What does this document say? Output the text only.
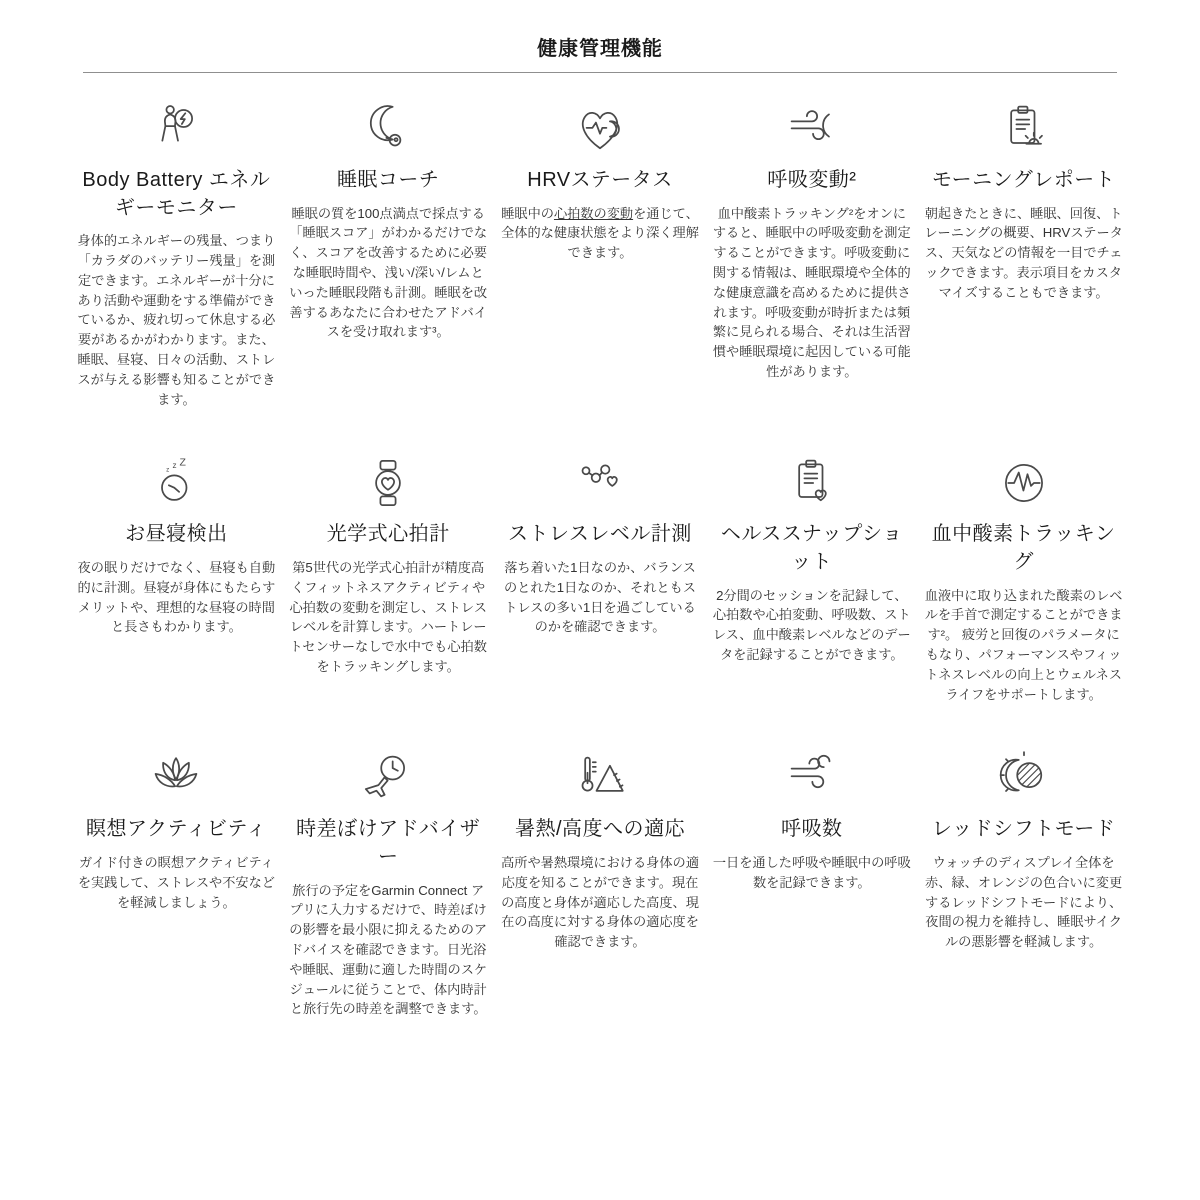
健康管理機能
Body Battery エネルギーモニター

身体的エネルギーの残量、つまり「カラダのバッテリー残量」を測定できます。エネルギーが十分にあり活動や運動をする準備ができているか、疲れ切って休息する必要があるかがわかります。また、睡眠、昼寝、日々の活動、ストレスが与える影響も知ることができます。

睡眠コーチ

睡眠の質を100点満点で採点する「睡眠スコア」がわかるだけでなく、スコアを改善するために必要な睡眠時間や、浅い/深い/レムといった睡眠段階も計測。睡眠を改善するあなたに合わせたアドバイスを受け取れます³。

HRVステータス

睡眠中の心拍数の変動を通じて、全体的な健康状態をより深く理解できます。

呼吸変動²

血中酸素トラッキング²をオンにすると、睡眠中の呼吸変動を測定することができます。呼吸変動に関する情報は、睡眠環境や全体的な健康意識を高めるために提供されます。呼吸変動が時折または頻繁に見られる場合、それは生活習慣や睡眠環境に起因している可能性があります。

モーニングレポート

朝起きたときに、睡眠、回復、トレーニングの概要、HRVステータス、天気などの情報を一目でチェックできます。表示項目をカスタマイズすることもできます。

z z Z
お昼寝検出

夜の眠りだけでなく、昼寝も自動的に計測。昼寝が身体にもたらすメリットや、理想的な昼寝の時間と長さもわかります。

光学式心拍計

第5世代の光学式心拍計が精度高くフィットネスアクティビティや心拍数の変動を測定し、ストレスレベルを計算します。ハートレートセンサーなしで水中でも心拍数をトラッキングします。

ストレスレベル計測

落ち着いた1日なのか、バランスのとれた1日なのか、それともストレスの多い1日を過ごしているのかを確認できます。

ヘルススナップショット

2分間のセッションを記録して、心拍数や心拍変動、呼吸数、ストレス、血中酸素レベルなどのデータを記録することができます。

血中酸素トラッキング

血液中に取り込まれた酸素のレベルを手首で測定することができます²。 疲労と回復のパラメータにもなり、パフォーマンスやフィットネスレベルの向上とウェルネスライフをサポートします。

瞑想アクティビティ

ガイド付きの瞑想アクティビティを実践して、ストレスや不安などを軽減しましょう。

時差ぼけアドバイザー

旅行の予定をGarmin Connect アプリに入力するだけで、時差ぼけの影響を最小限に抑えるためのアドバイスを確認できます。日光浴や睡眠、運動に適した時間のスケジュールに従うことで、体内時計と旅行先の時差を調整できます。

暑熱/高度への適応

高所や暑熱環境における身体の適応度を知ることができます。現在の高度と身体が適応した高度、現在の高度に対する身体の適応度を確認できます。

呼吸数

一日を通した呼吸や睡眠中の呼吸数を記録できます。

レッドシフトモード

ウォッチのディスプレイ全体を赤、緑、オレンジの色合いに変更するレッドシフトモードにより、夜間の視力を維持し、睡眠サイクルの悪影響を軽減します。
